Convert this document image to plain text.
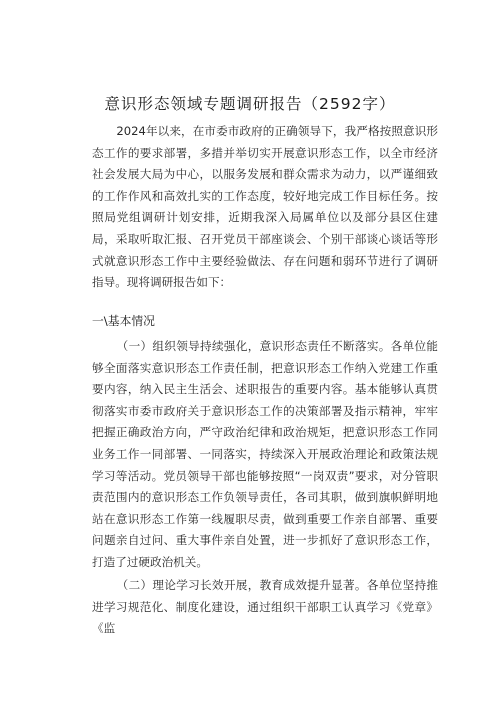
意识形态领域专题调研报告（2592字）
2024年以来，在市委市政府的正确领导下，我严格按照意识形态工作的要求部署，多措并举切实开展意识形态工作，以全市经济社会发展大局为中心，以服务发展和群众需求为动力，以严谨细致的工作作风和高效扎实的工作态度，较好地完成工作目标任务。按照局党组调研计划安排，近期我深入局属单位以及部分县区住建局，采取听取汇报、召开党员干部座谈会、个别干部谈心谈话等形式就意识形态工作中主要经验做法、存在问题和弱环节进行了调研指导。现将调研报告如下：
一\基本情况
（一）组织领导持续强化，意识形态责任不断落实。各单位能够全面落实意识形态工作责任制，把意识形态工作纳入党建工作重要内容，纳入民主生活会、述职报告的重要内容。基本能够认真贯彻落实市委市政府关于意识形态工作的决策部署及指示精神，牢牢把握正确政治方向，严守政治纪律和政治规矩，把意识形态工作同业务工作一同部署、一同落实，持续深入开展政治理论和政策法规学习等活动。党员领导干部也能够按照“一岗双责”要求，对分管职责范围内的意识形态工作负领导责任，各司其职，做到旗帜鲜明地站在意识形态工作第一线履职尽责，做到重要工作亲自部署、重要问题亲自过问、重大事件亲自处置，进一步抓好了意识形态工作，打造了过硬政治机关。
（二）理论学习长效开展，教育成效提升显著。各单位坚持推进学习规范化、制度化建设，通过组织干部职工认真学习《党章》《监
